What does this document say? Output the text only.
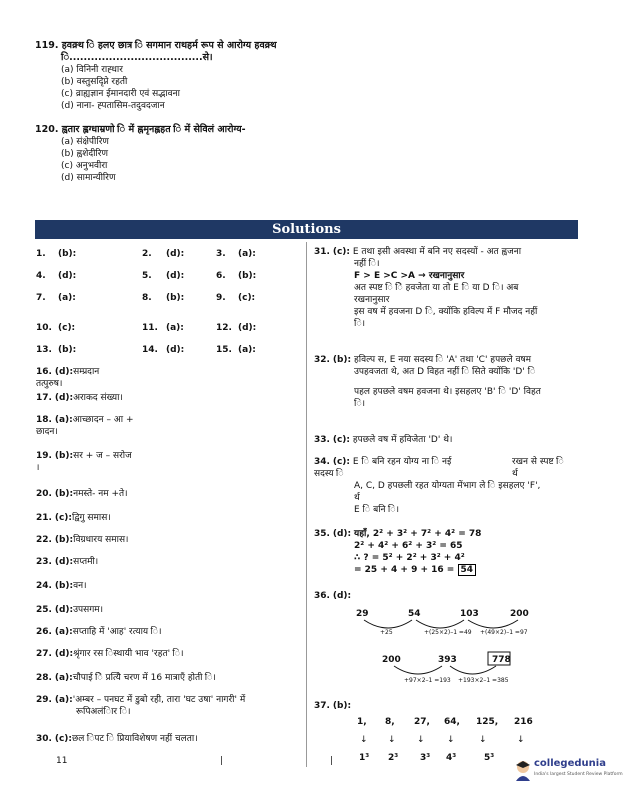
119. हवक्र्थ ि हलए छात्र ि सगमान राथहर्म रूप से आरोग्य हवक्र्थ
ि.....................................से।
(a) विनिनी राह्धार
(b) वस्तुसदृिप्ने रहती
(c) व्राह्यज्ञान ईमानदारी एवं सद्भावना
(d) नाना- ह्पतासिम-तदुवदजान
120. ह्वतार ह्लग्धाम्रणो ि में ह्नमृनह्लहत ि में सेविलं आरोग्य-
(a) संक्षेपीरिण
(b) ह्वशेदीरिण
(c) अनुभवीरा
(d) सामान्यीरिण
Solutions
1. (b):	2. (d):	3. (a):
4. (d):	5. (d):	6. (b):
7. (a):	8. (b):	9. (c):
10. (c):	11. (a):	12. (d):
13. (b):	14. (d):	15. (a):
16. (d):सम्प्रदान
तत्पुरुष।
17. (d):अराकद संख्या।
18. (a):आच्छादन – आ +
छादन।
19. (b):सर + ज – सरोज
।
20. (b):नमस्ते- नम +ते।
21. (c):द्विगु समास।
22. (b):विग्रधारय समास।
23. (d):सप्तमी।
24. (b):वन।
25. (d):उपसगम।
26. (a):सप्ताहि में 'आह' रत्याय ि।
27. (d):श्रृंगार रस िस्थायी भाव 'रहत' ि।
28. (a):चौपाई िे प्रत्येि चरण में 16 मात्राएँ होती ि।
29. (a):'अम्बर – पनघट में डुबो रही, तारा 'घट उषा' नागरी' में
रूपिअलंिार ि।
30. (c):छल िपट ि प्रियाविशेषण नहीं चलता।
31. (c): E तथा इसी अवस्था में बनि नए सदस्यों - अत ह्वजना
नहीं ि।
F > E >C >A → रखनानुसार
अत स्पष्ट ि िे हवजेता या तो E ि या D ि। अब
रखनानुसार
इस वष में हवजना D ि, क्योंकि हविल्प में F मौजद नहीं
ि।
32. (b): हविल्प स, E नया सदस्य ि 'A' तथा 'C' हपछले वषम
उपहवजता थे, अत D विहत नहीं ि सिते क्योंकि 'D' ि
पहल हपछले वषम हवजना थे। इसहलए 'B' ि 'D' विहत
ि।
33. (c): हपछले वष में हविजेता 'D' थे।
34. (c): E ि बनि रहन योग्य ना ि नई	रखन से स्पष्ट ि
सदस्य ि	र्थ
A, C, D हपछली रहत योग्यता मेंभाग ले ि इसहलए 'F',
र्थ
E ि बनि ि।
35. (d): यहाँ, 2² + 3² + 7² + 4² = 78
2² + 4² + 6² + 3² = 65
∴ ? = 5² + 2² + 3² + 4²
= 25 + 4 + 9 + 16 = 54
36. (d):
29	54	103	200
+25	+(25×2)–1 =49 +(49×2)–1 =97
200	393	778
+97×2–1 =193 +193×2–1 =385
37. (b):
1,
↓
8,
↓
27,
↓
64,
↓
125,
↓
216
↓
1³ 2³ 3³ 4³	5³
11	|	|	collegedunia
India's largest Student Review Platform
